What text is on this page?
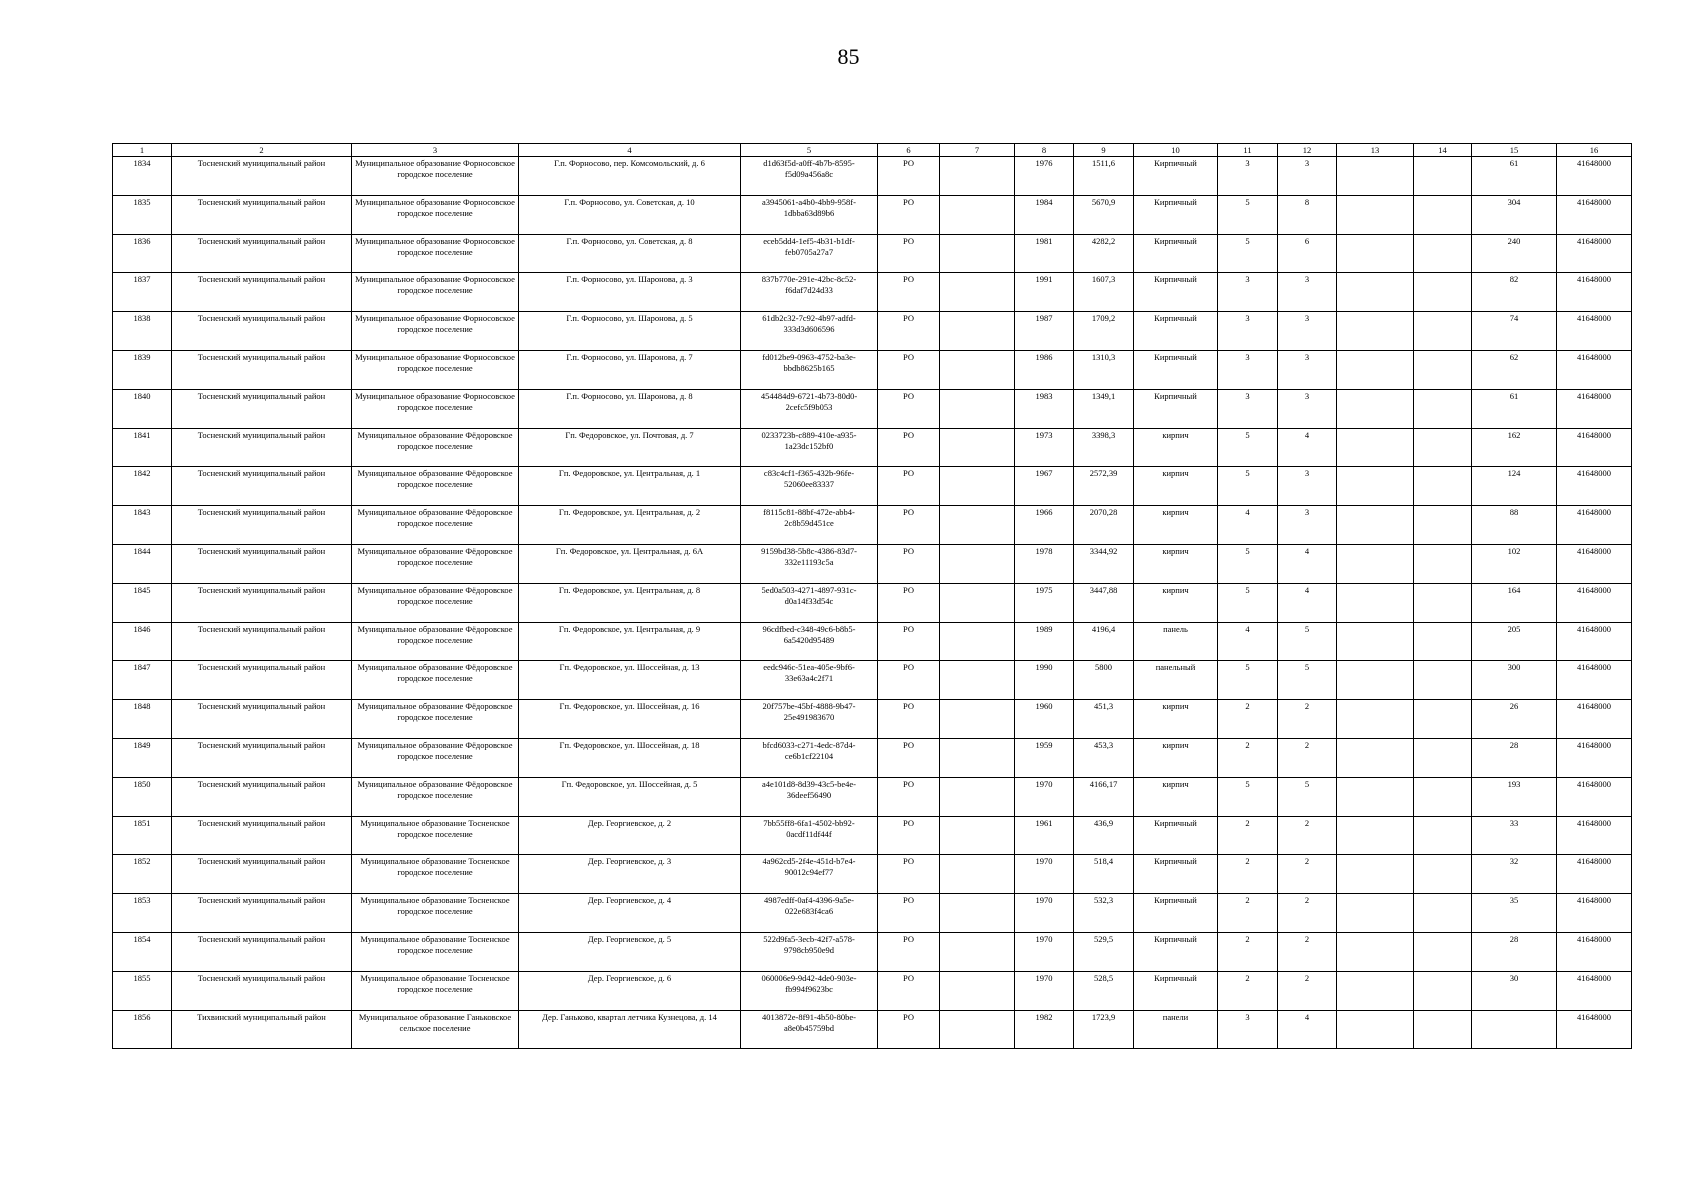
85
1	2	3	4	5	6	7	8	9	10	11	12	13	14	15	16
1834	Тосненский муниципальный район	Муниципальное образование Форносовское городское поселение	Г.п. Форносово, пер. Комсомольский, д. 6	d1d63f5d-a0ff-4b7b-8595-f5d09a456a8c	РО		1976	1511,6	Кирпичный	3	3			61	41648000
1835	Тосненский муниципальный район	Муниципальное образование Форносовское городское поселение	Г.п. Форносово, ул. Советская, д. 10	a3945061-a4b0-4bb9-958f-1dbba63d89b6	РО		1984	5670,9	Кирпичный	5	8			304	41648000
1836	Тосненский муниципальный район	Муниципальное образование Форносовское городское поселение	Г.п. Форносово, ул. Советская, д. 8	eceb5dd4-1ef5-4b31-b1df-feb0705a27a7	РО		1981	4282,2	Кирпичный	5	6			240	41648000
1837	Тосненский муниципальный район	Муниципальное образование Форносовское городское поселение	Г.п. Форносово, ул. Шаронова, д. 3	837b770e-291e-42bc-8c52-f6daf7d24d33	РО		1991	1607,3	Кирпичный	3	3			82	41648000
1838	Тосненский муниципальный район	Муниципальное образование Форносовское городское поселение	Г.п. Форносово, ул. Шаронова, д. 5	61db2c32-7c92-4b97-adfd-333d3d606596	РО		1987	1709,2	Кирпичный	3	3			74	41648000
1839	Тосненский муниципальный район	Муниципальное образование Форносовское городское поселение	Г.п. Форносово, ул. Шаронова, д. 7	fd012be9-0963-4752-ba3e-bbdb8625b165	РО		1986	1310,3	Кирпичный	3	3			62	41648000
1840	Тосненский муниципальный район	Муниципальное образование Форносовское городское поселение	Г.п. Форносово, ул. Шаронова, д. 8	454484d9-6721-4b73-80d0-2cefc5f9b053	РО		1983	1349,1	Кирпичный	3	3			61	41648000
1841	Тосненский муниципальный район	Муниципальное образование Фёдоровское городское поселение	Гп. Федоровское, ул. Почтовая, д. 7	0233723b-c889-410e-a935-1a23dc152bf0	РО		1973	3398,3	кирпич	5	4			162	41648000
1842	Тосненский муниципальный район	Муниципальное образование Фёдоровское городское поселение	Гп. Федоровское, ул. Центральная, д. 1	c83c4cf1-f365-432b-96fe-52060ee83337	РО		1967	2572,39	кирпич	5	3			124	41648000
1843	Тосненский муниципальный район	Муниципальное образование Фёдоровское городское поселение	Гп. Федоровское, ул. Центральная, д. 2	f8115c81-88bf-472e-abb4-2c8b59d451ce	РО		1966	2070,28	кирпич	4	3			88	41648000
1844	Тосненский муниципальный район	Муниципальное образование Фёдоровское городское поселение	Гп. Федоровское, ул. Центральная, д. 6А	9159bd38-5b8c-4386-83d7-332e11193c5a	РО		1978	3344,92	кирпич	5	4			102	41648000
1845	Тосненский муниципальный район	Муниципальное образование Фёдоровское городское поселение	Гп. Федоровское, ул. Центральная, д. 8	5ed0a503-4271-4897-931c-d0a14f33d54c	РО		1975	3447,88	кирпич	5	4			164	41648000
1846	Тосненский муниципальный район	Муниципальное образование Фёдоровское городское поселение	Гп. Федоровское, ул. Центральная, д. 9	96cdfbed-c348-49c6-b8b5-6a5420d95489	РО		1989	4196,4	панель	4	5			205	41648000
1847	Тосненский муниципальный район	Муниципальное образование Фёдоровское городское поселение	Гп. Федоровское, ул. Шоссейная, д. 13	eedc946c-51ea-405e-9bf6-33e63a4c2f71	РО		1990	5800	панельный	5	5			300	41648000
1848	Тосненский муниципальный район	Муниципальное образование Фёдоровское городское поселение	Гп. Федоровское, ул. Шоссейная, д. 16	20f757be-45bf-4888-9b47-25e491983670	РО		1960	451,3	кирпич	2	2			26	41648000
1849	Тосненский муниципальный район	Муниципальное образование Фёдоровское городское поселение	Гп. Федоровское, ул. Шоссейная, д. 18	bfcd6033-c271-4edc-87d4-ce6b1cf22104	РО		1959	453,3	кирпич	2	2			28	41648000
1850	Тосненский муниципальный район	Муниципальное образование Фёдоровское городское поселение	Гп. Федоровское, ул. Шоссейная, д. 5	a4e101d8-8d39-43c5-be4e-36deef56490	РО		1970	4166,17	кирпич	5	5			193	41648000
1851	Тосненский муниципальный район	Муниципальное образование Тосненское городское поселение	Дер. Георгиевское, д. 2	7bb55ff8-6fa1-4502-bb92-0acdf11df44f	РО		1961	436,9	Кирпичный	2	2			33	41648000
1852	Тосненский муниципальный район	Муниципальное образование Тосненское городское поселение	Дер. Георгиевское, д. 3	4a962cd5-2f4e-451d-b7e4-90012c94ef77	РО		1970	518,4	Кирпичный	2	2			32	41648000
1853	Тосненский муниципальный район	Муниципальное образование Тосненское городское поселение	Дер. Георгиевское, д. 4	4987edff-0af4-4396-9a5e-022e683f4ca6	РО		1970	532,3	Кирпичный	2	2			35	41648000
1854	Тосненский муниципальный район	Муниципальное образование Тосненское городское поселение	Дер. Георгиевское, д. 5	522d9fa5-3ecb-42f7-a578-9798cb950e9d	РО		1970	529,5	Кирпичный	2	2			28	41648000
1855	Тосненский муниципальный район	Муниципальное образование Тосненское городское поселение	Дер. Георгиевское, д. 6	060006e9-9d42-4de0-903e-fb994f9623bc	РО		1970	528,5	Кирпичный	2	2			30	41648000
1856	Тихвинский муниципальный район	Муниципальное образование Ганьковское сельское поселение	Дер. Ганьково, квартал летчика Кузнецова, д. 14	4013872e-8f91-4b50-80be-a8e0b45759bd	РО		1982	1723,9	панели	3	4				41648000
